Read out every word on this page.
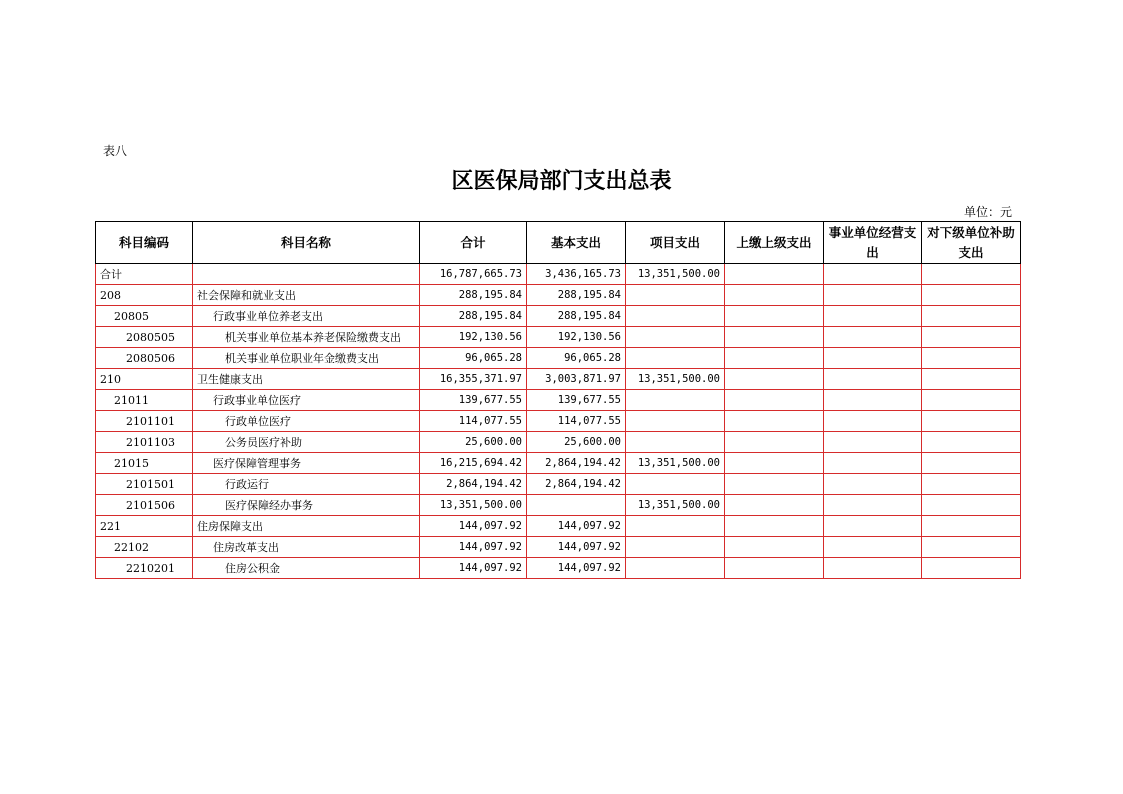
表八
区医保局部门支出总表
单位：元
科目编码	科目名称	合计	基本支出	项目支出	上缴上级支出	事业单位经营支出	对下级单位补助支出
合计		16,787,665.73	3,436,165.73	13,351,500.00			
208	社会保障和就业支出	288,195.84	288,195.84				
20805	行政事业单位养老支出	288,195.84	288,195.84				
2080505	机关事业单位基本养老保险缴费支出	192,130.56	192,130.56				
2080506	机关事业单位职业年金缴费支出	96,065.28	96,065.28				
210	卫生健康支出	16,355,371.97	3,003,871.97	13,351,500.00			
21011	行政事业单位医疗	139,677.55	139,677.55				
2101101	行政单位医疗	114,077.55	114,077.55				
2101103	公务员医疗补助	25,600.00	25,600.00				
21015	医疗保障管理事务	16,215,694.42	2,864,194.42	13,351,500.00			
2101501	行政运行	2,864,194.42	2,864,194.42				
2101506	医疗保障经办事务	13,351,500.00		13,351,500.00			
221	住房保障支出	144,097.92	144,097.92				
22102	住房改革支出	144,097.92	144,097.92				
2210201	住房公积金	144,097.92	144,097.92				
